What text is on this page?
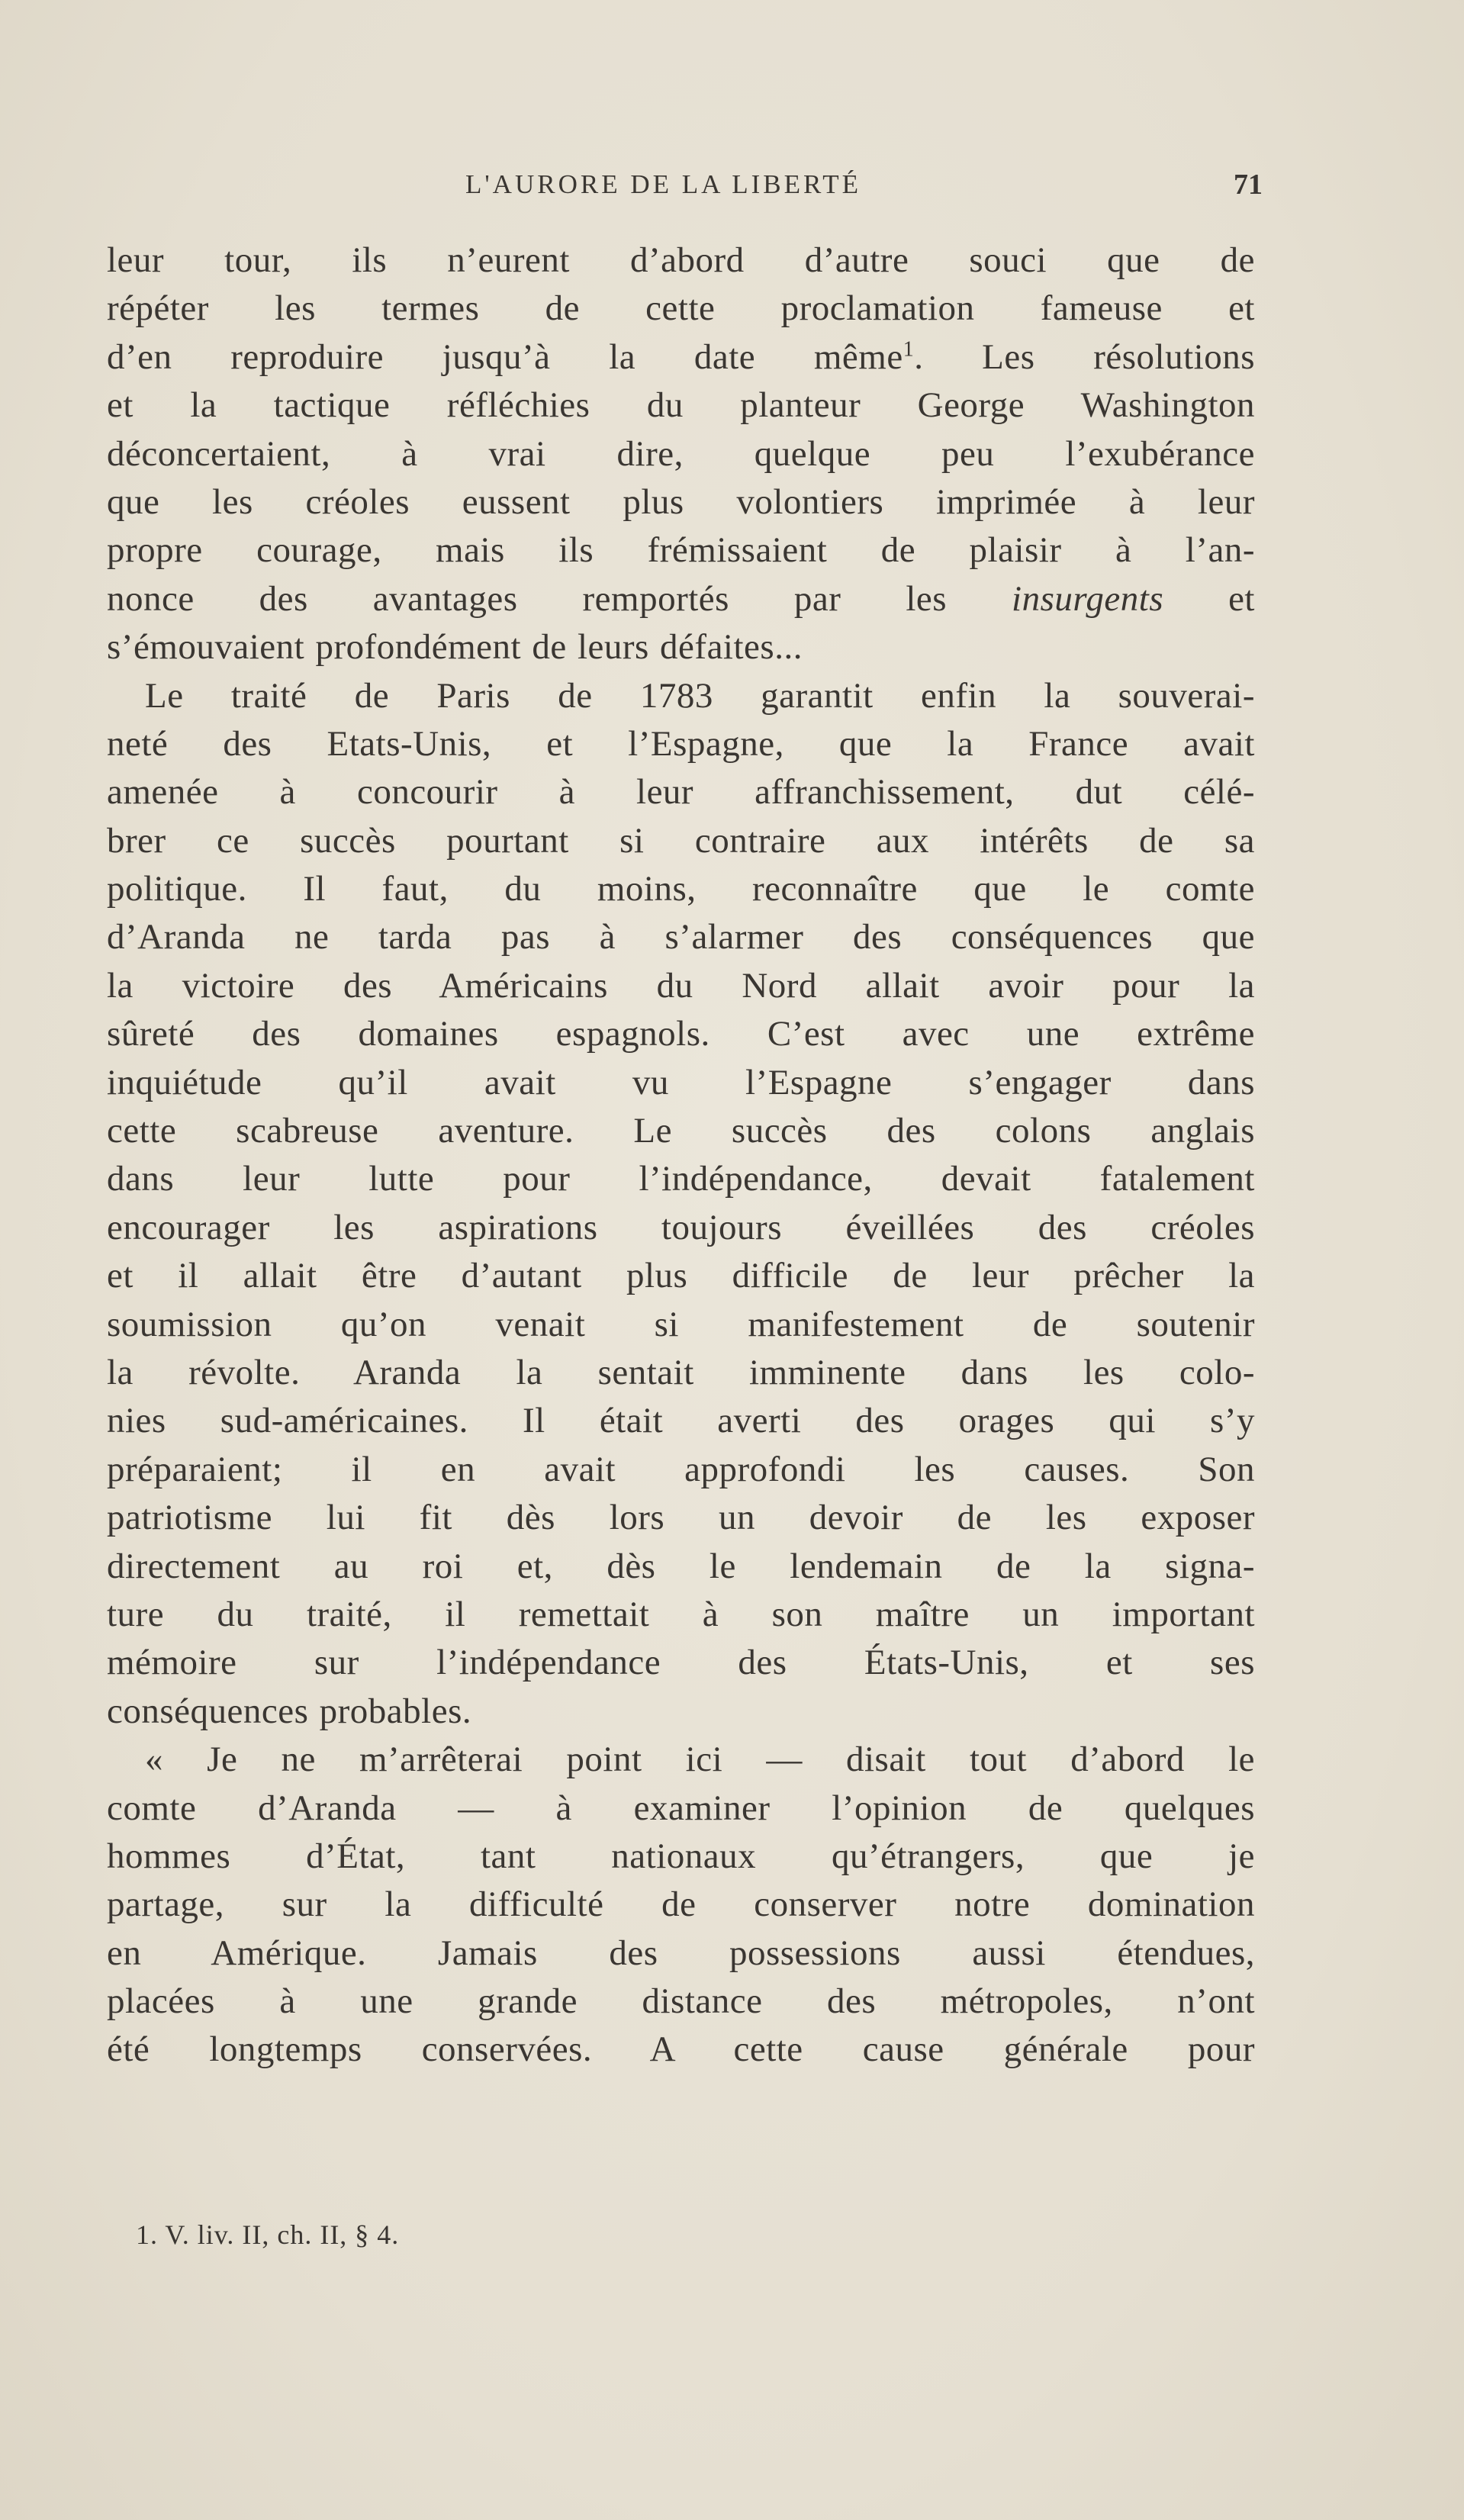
L'AURORE DE LA LIBERTÉ	71
leur tour, ils n’eurent d’abord d’autre souci que de
répéter les termes de cette proclamation fameuse et
d’en reproduire jusqu’à la date même$^1$. Les résolutions
et la tactique réfléchies du planteur George Washington
déconcertaient, à vrai dire, quelque peu l’exubérance
que les créoles eussent plus volontiers imprimée à leur
propre courage, mais ils frémissaient de plaisir à l’an-
nonce des avantages remportés par les insurgents et
s’émouvaient profondément de leurs défaites...
Le traité de Paris de 1783 garantit enfin la souverai-
neté des Etats-Unis, et l’Espagne, que la France avait
amenée à concourir à leur affranchissement, dut célé-
brer ce succès pourtant si contraire aux intérêts de sa
politique. Il faut, du moins, reconnaître que le comte
d’Aranda ne tarda pas à s’alarmer des conséquences que
la victoire des Américains du Nord allait avoir pour la
sûreté des domaines espagnols. C’est avec une extrême
inquiétude qu’il avait vu l’Espagne s’engager dans
cette scabreuse aventure. Le succès des colons anglais
dans leur lutte pour l’indépendance, devait fatalement
encourager les aspirations toujours éveillées des créoles
et il allait être d’autant plus difficile de leur prêcher la
soumission qu’on venait si manifestement de soutenir
la révolte. Aranda la sentait imminente dans les colo-
nies sud-américaines. Il était averti des orages qui s’y
préparaient; il en avait approfondi les causes. Son
patriotisme lui fit dès lors un devoir de les exposer
directement au roi et, dès le lendemain de la signa-
ture du traité, il remettait à son maître un important
mémoire sur l’indépendance des États-Unis, et ses
conséquences probables.
« Je ne m’arrêterai point ici — disait tout d’abord le
comte d’Aranda — à examiner l’opinion de quelques
hommes d’État, tant nationaux qu’étrangers, que je
partage, sur la difficulté de conserver notre domination
en Amérique. Jamais des possessions aussi étendues,
placées à une grande distance des métropoles, n’ont
été longtemps conservées. A cette cause générale pour
1. V. liv. II, ch. II, § 4.
